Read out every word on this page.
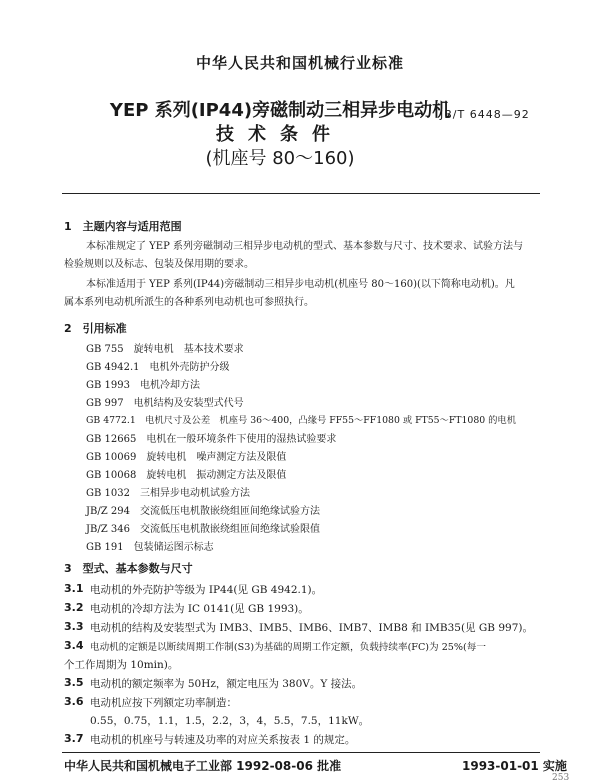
中华人民共和国机械行业标准
YEP 系列(IP44)旁磁制动三相异步电动机
技术条件
(机座号 80～160)
JB/T 6448—92
1　主题内容与适用范围
本标准规定了 YEP 系列旁磁制动三相异步电动机的型式、基本参数与尺寸、技术要求、试验方法与
检验规则以及标志、包装及保用期的要求。
本标准适用于 YEP 系列(IP44)旁磁制动三相异步电动机(机座号 80～160)(以下简称电动机)。凡
属本系列电动机所派生的各种系列电动机也可参照执行。
2　引用标准
GB 755　旋转电机　基本技术要求
GB 4942.1　电机外壳防护分级
GB 1993　电机冷却方法
GB 997　电机结构及安装型式代号
GB 4772.1　电机尺寸及公差　机座号 36～400，凸缘号 FF55～FF1080 或 FT55～FT1080 的电机
GB 12665　电机在一般环境条件下使用的湿热试验要求
GB 10069　旋转电机　噪声测定方法及限值
GB 10068　旋转电机　振动测定方法及限值
GB 1032　三相异步电动机试验方法
JB/Z 294　交流低压电机散嵌绕组匝间绝缘试验方法
JB/Z 346　交流低压电机散嵌绕组匝间绝缘试验限值
GB 191　包装储运图示标志
3　型式、基本参数与尺寸
3.1 电动机的外壳防护等级为 IP44(见 GB 4942.1)。
3.2 电动机的冷却方法为 IC 0141(见 GB 1993)。
3.3 电动机的结构及安装型式为 IMB3、IMB5、IMB6、IMB7、IMB8 和 IMB35(见 GB 997)。
3.4 电动机的定额是以断续周期工作制(S3)为基础的周期工作定额，负载持续率(FC)为 25%(每一
个工作周期为 10min)。
3.5 电动机的额定频率为 50Hz，额定电压为 380V。Y 接法。
3.6 电动机应按下列额定功率制造：
0.55，0.75，1.1，1.5，2.2，3，4，5.5，7.5，11kW。
3.7 电动机的机座号与转速及功率的对应关系按表 1 的规定。
中华人民共和国机械电子工业部 1992-08-06 批准	1993-01-01 实施
253
